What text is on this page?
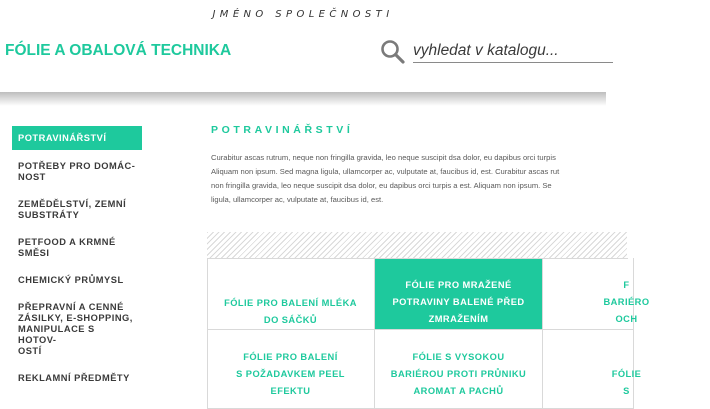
JMÉNO SPOLEČNOSTI
FÓLIE A OBALOVÁ TECHNIKA
vyhledat v katalogu...
POTRAVINÁŘSTVÍ
POTŘEBY PRO DOMÁC-
NOST
ZEMĚDĚLSTVÍ, ZEMNÍ
SUBSTRÁTY
PETFOOD A KRMNÉ
SMĚSI
CHEMICKÝ PRŮMYSL
PŘEPRAVNÍ A CENNÉ
ZÁSILKY, E-SHOPPING,
MANIPULACE S HOTOV-
OSTÍ
REKLAMNÍ PŘEDMĚTY
POTRAVINÁŘSTVÍ
Curabitur ascas rutrum, neque non fringilla gravida, leo neque suscipit dsa dolor, eu dapibus orci turpis
Aliquam non ipsum. Sed magna ligula, ullamcorper ac, vulputate at, faucibus id, est. Curabitur ascas rut
non fringilla gravida, leo neque suscipit dsa dolor, eu dapibus orci turpis a est. Aliquam non ipsum. Se
ligula, ullamcorper ac, vulputate at, faucibus id, est.
FÓLIE PRO BALENÍ MLÉKA
DO SÁČKŮ
FÓLIE PRO MRAŽENÉ
POTRAVINY BALENÉ PŘED
ZMRAŽENÍM
F
BARIÉRO
OCH
FÓLIE PRO BALENÍ
S POŽADAVKEM PEEL
EFEKTU
FÓLIE S VYSOKOU
BARIÉROU PROTI PRŮNIKU
AROMAT A PACHŮ
FÓLIE
S
